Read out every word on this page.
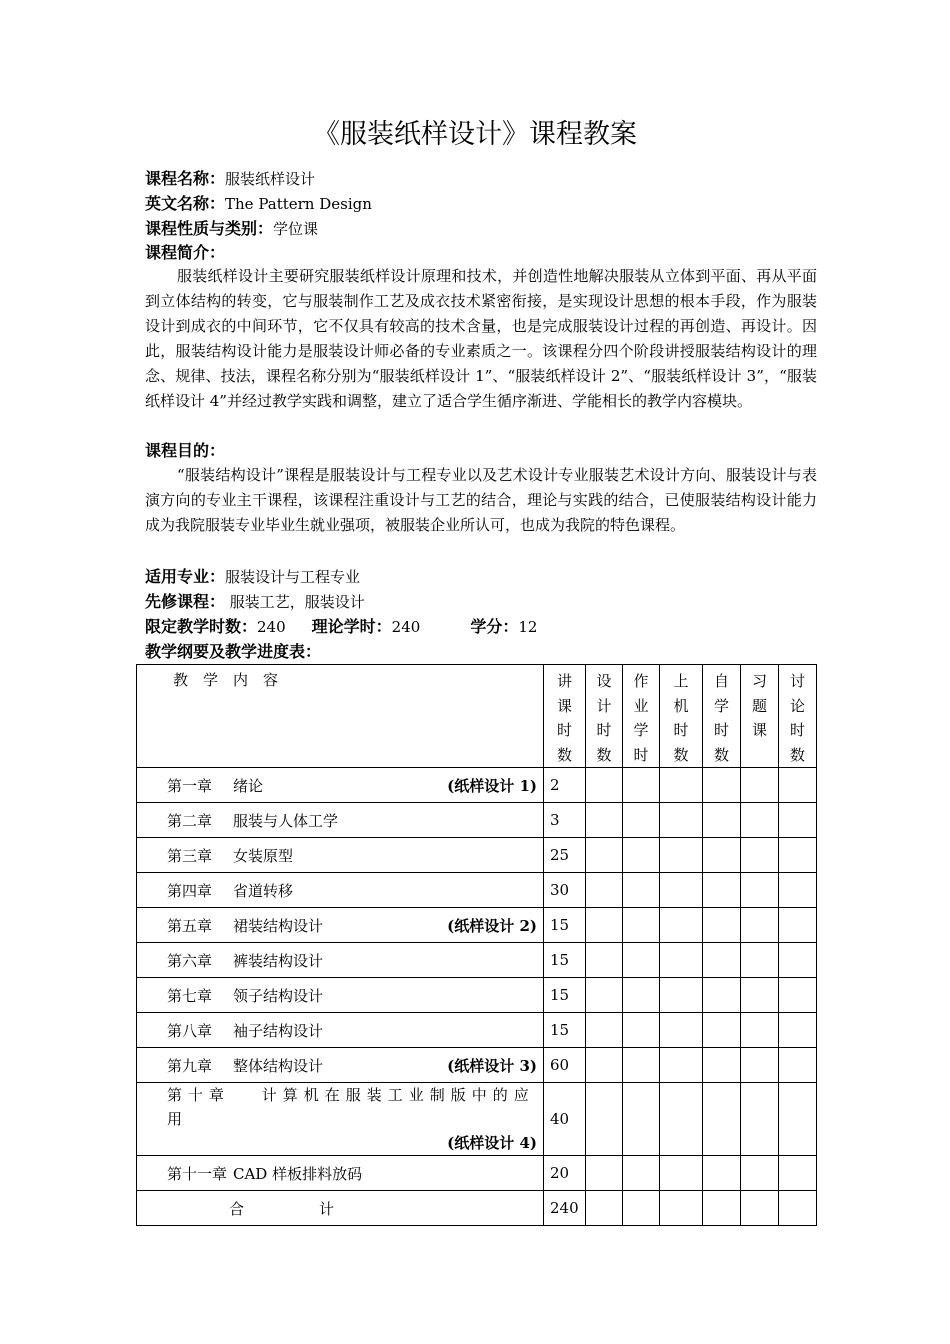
《服装纸样设计》课程教案
课程名称：服装纸样设计
英文名称：The Pattern Design
课程性质与类别：学位课
课程简介：
服装纸样设计主要研究服装纸样设计原理和技术，并创造性地解决服装从立体到平面、再从平面到立体结构的转变，它与服装制作工艺及成衣技术紧密衔接，是实现设计思想的根本手段，作为服装设计到成衣的中间环节，它不仅具有较高的技术含量，也是完成服装设计过程的再创造、再设计。因此，服装结构设计能力是服装设计师必备的专业素质之一。该课程分四个阶段讲授服装结构设计的理念、规律、技法，课程名称分别为“服装纸样设计 1”、“服装纸样设计 2”、“服装纸样设计 3”，“服装纸样设计 4”并经过教学实践和调整，建立了适合学生循序渐进、学能相长的教学内容模块。
课程目的：
“服装结构设计”课程是服装设计与工程专业以及艺术设计专业服装艺术设计方向、服装设计与表演方向的专业主干课程，该课程注重设计与工艺的结合，理论与实践的结合，已使服装结构设计能力成为我院服装专业毕业生就业强项，被服装企业所认可，也成为我院的特色课程。
适用专业：服装设计与工程专业
先修课程： 服装工艺，服装设计
限定教学时数：240 理论学时：240	学分：12
教学纲要及教学进度表：
教　学　内　容	讲课时数	设计时数	作业学时	上机时数	自学时数	习题课	讨论时数

第一章 绪论 (纸样设计 1)	2						
第二章 服装与人体工学	3						
第三章 女装原型	25						
第四章 省道转移	30						
第五章 裙装结构设计 (纸样设计 2)	15						
第六章 裤装结构设计	15						
第七章 领子结构设计	15						
第八章 袖子结构设计	15						
第九章 整体结构设计 (纸样设计 3)	60						

第十章　 计算机在服装工业制版中的应用
(纸样设计 4)	40						
第十一章 CAD 样板排料放码	20						
合　　　　　计	240						
